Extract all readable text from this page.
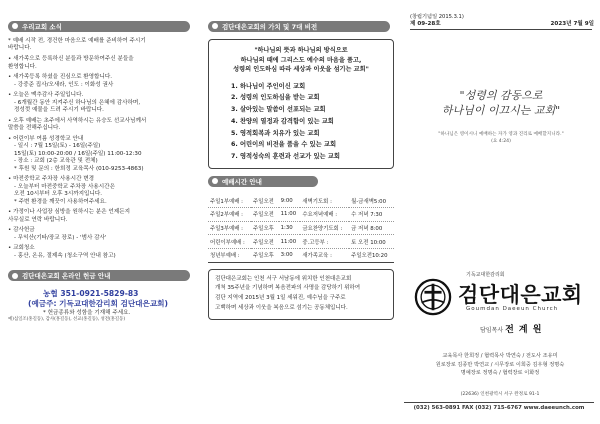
우리교회 소식
* 예배 시작 전, 경건한 마음으로 예배를 준비하여 주시기
바랍니다.
• 새가족으로 등록하신 분들과 방문하여주신 분들을
환영합니다.
• 새가족등록 하셨을 진심으로 환영합니다.
- 강중준 집사/오새라, 인도 : 이화성 권사
• 오늘은 맥추감사 주일입니다.
- 6개월간 동안 지켜주신 하나님의 은혜에 감사하며,
정성껏 예물을 드려 주시기 바랍니다.
• 오후 예배는 초주에서 사역하시는 유승도 선교사님께서
말씀을 전해주십니다.
• 어린이부 여름 성경학교 안내
- 일시 : 7월 15일(토) - 16일(주일)
15일(토) 10:00-20:00 / 16일(주일) 11:00-12:30
- 장소 : 교회 (2층 교육관 및 전체)
* 후원 및 문의 : 한희정 교육목사 (010-9253-4863)
• 마전중학교 주차장 사용시간 변경
- 오늘부터 마전중학교 주차장 사용시간은
오전 10시부터 오후 3시까지입니다.
* 주변 환경을 깨끗이 사용하여주세요.
• 가정이나 사업장 심방을 원하시는 분은 언제든지
사무실로 연락 바랍니다.
• 감사헌금
- 무익산(기타/장교 장로) - '범사 감사'
• 교회청소
- 홍산, 온유, 절제속 (청소구역 안내 참고)
검단대은교회 온라인 헌금 안내
농협 351-0921-5829-83
(예금주: 기독교대한감리회 검단대은교회)
* 헌금종류와 성함을 기재해 주세요.
예)십일조(홍길동), 감사(홍길동), 선교(홍길동), 성전(홍길동)
검단대은교회의 가치 및 7대 비전
"하나님의 뜻과 하나님의 방식으로
하나님의 때에 그리스도 예수의 마음을 품고,
성령의 인도하심 따라 세상과 이웃을 섬기는 교회"
1. 하나님이 주인이신 교회
2. 성령의 인도하심을 받는 교회
3. 살아있는 말씀이 선포되는 교회
4. 찬양의 열정과 감격함이 있는 교회
5. 영적회복과 치유가 있는 교회
6. 어린이의 비전을 품을 수 있는 교회
7. 영적성숙의 훈련과 선교가 있는 교회
예배시간 안내
주일1부예배 :	주일오전	9:00	새벽기도회 :	월-금새벽5:00
주일2부예배 :	주일오전	11:00	수요저녁예배 :	수 저녁 7:30
주일3부예배 :	주일오후	1:30	금요찬양기도회 :	금 저녁 8:00
어린이부예배 :	주일오전	11:00	중.고등부 :	토 오전 10:00
청년부예배 :	주일오후	3:00	새가족교육 :	주일오전10:20
검단대은교회는 인천 서구 서남동에 위치한 인천대은교회
개척 35주년을 기념하며 복음전파의 사명을 감당하기 위하여
검단 지역에 2015년 3월 1일 세워진, 예수님을 구주로
고백하며 세상과 이웃을 복음으로 섬기는 공동체입니다.
(창립기념일 2015.3.1)
제 09-28호	2023년 7월 9일
"성령의 감동으로
하나님이 이끄시는 교회"
"하나님은 영이시니 예배하는 자가 영과 진리로 예배할지니라."
(요 4:24)
기독교대한감리회
검단대은교회
Goumdan Daeeun Church
담임목사 전 계 원
교육목사 한희정 / 협력목사 박연숙 / 전도사 조유미
원로장로 김종만 박연교 / 시무장로 이희중 김우형 정명숙
명예장로 정명숙 / 협력장로 이화정
(22636) 인천광역시 서구 완정로 91-1
(032) 563-0891 FAX (032) 715-6767 www.daeeunch.com
